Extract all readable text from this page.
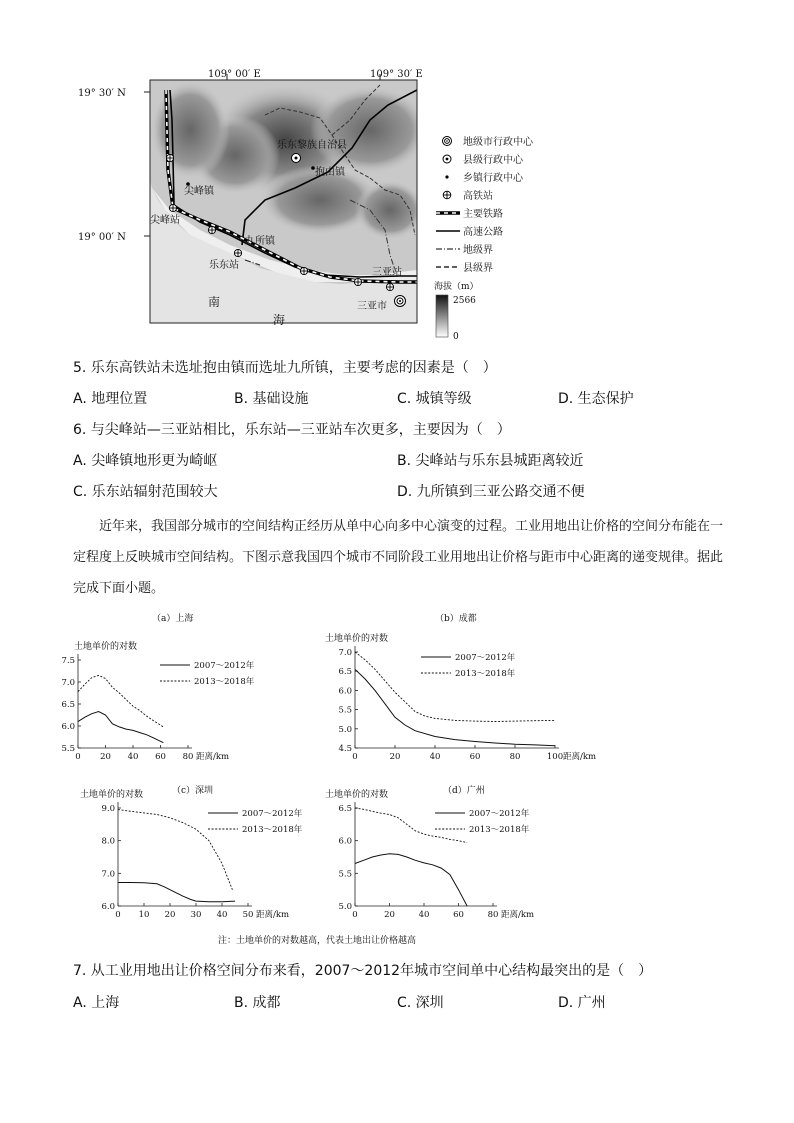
109° 00′ E	109° 30′ E
19° 30′ N
19° 00′ N
乐东黎族自治县
抱由镇
尖峰镇
尖峰站
九所镇
乐东站
三亚站
三亚市
南
海
地级市行政中心
县级行政中心
乡镇行政中心
高铁站
主要铁路
高速公路
地级界
县级界
海拔（m）
2566
0
5. 乐东高铁站未选址抱由镇而选址九所镇，主要考虑的因素是（　）
A. 地理位置	B. 基础设施	C. 城镇等级	D. 生态保护
6. 与尖峰站—三亚站相比，乐东站—三亚站车次更多，主要因为（　）
A. 尖峰镇地形更为崎岖	B. 尖峰站与乐东县城距离较近
C. 乐东站辐射范围较大	D. 九所镇到三亚公路交通不便
近年来，我国部分城市的空间结构正经历从单中心向多中心演变的过程。工业用地出让价格的空间分布能在一定程度上反映城市空间结构。下图示意我国四个城市不同阶段工业用地出让价格与距市中心距离的递变规律。据此完成下面小题。
（a）上海
土地单价的对数
5.5
6.0
6.5
7.0
7.5
0 20 40 60 80 距离/km
2007～2012年
2013～2018年
（b）成都
土地单价的对数
4.5
5.0
5.5
6.0
6.5
7.0
0	20	40	60	80	100 距离/km
2007～2012年
2013～2018年
（c）深圳
土地单价的对数
6.0
7.0
8.0
9.0
0 10 20 30 40 50 距离/km
2007～2012年
2013～2018年
（d）广州
土地单价的对数
5.0
5.5
6.0
6.5
0	20	40	60	80 距离/km
2007～2012年
2013～2018年
注：土地单价的对数越高，代表土地出让价格越高
7. 从工业用地出让价格空间分布来看，2007～2012年城市空间单中心结构最突出的是（　）
A. 上海	B. 成都	C. 深圳	D. 广州
